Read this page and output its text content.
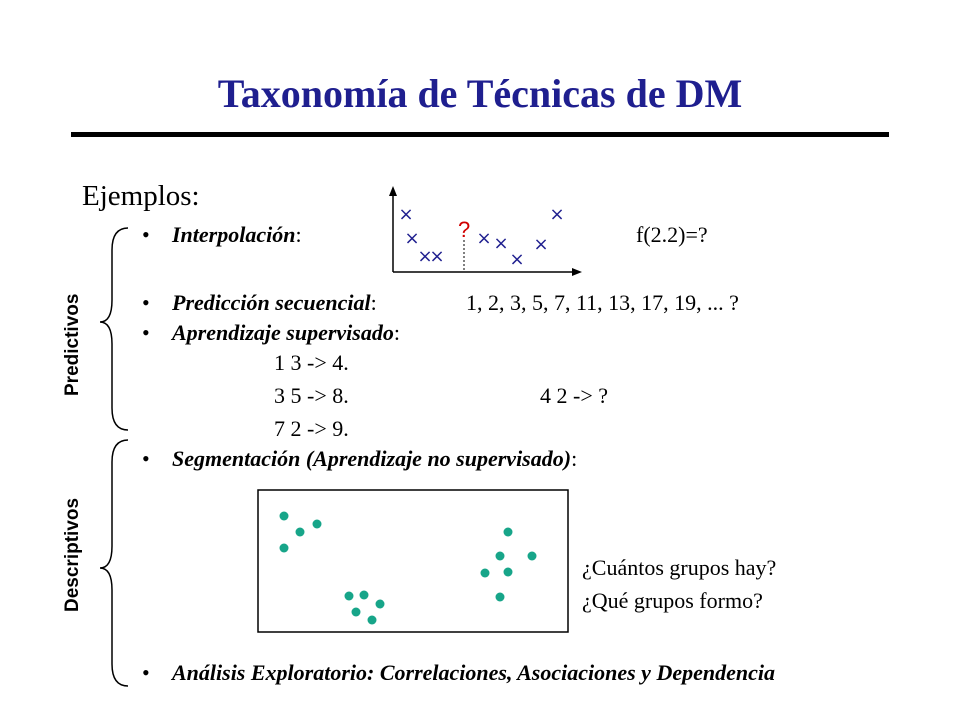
Taxonomía de Técnicas de DM
Ejemplos:
Predictivos
Descriptivos
• Interpolación:	f(2.2)=?
×
×
×
×
× ×
×
×
×
?
• Predicción secuencial:	1, 2, 3, 5, 7, 11, 13, 17, 19, ... ?
• Aprendizaje supervisado:
1 3 -> 4.
3 5 -> 8.
7 2 -> 9.
4 2 -> ?
• Segmentación (Aprendizaje no supervisado):
¿Cuántos grupos hay?
¿Qué grupos formo?
• Análisis Exploratorio: Correlaciones, Asociaciones y Dependencia
